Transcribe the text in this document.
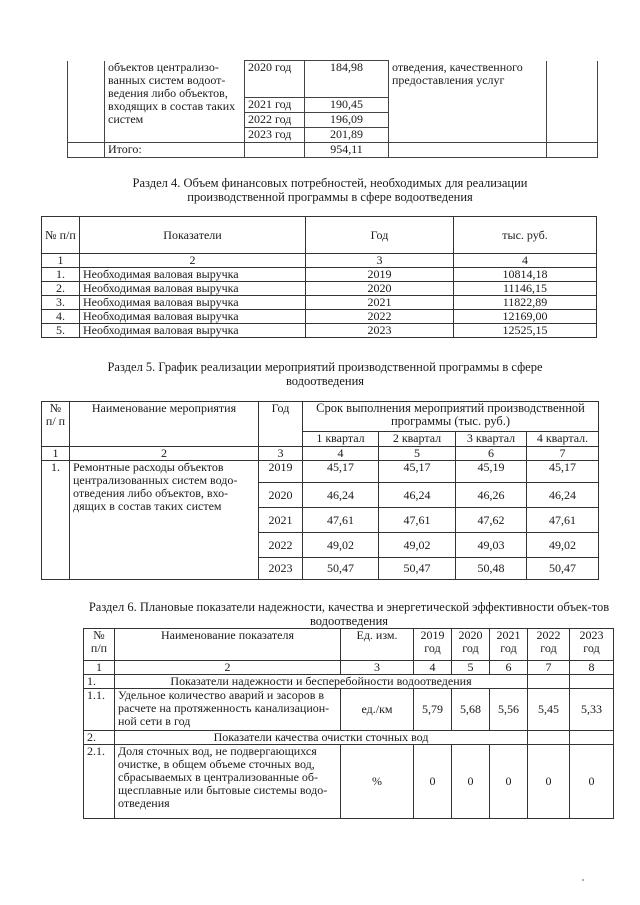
	объектов централизо-ванных систем водоот-ведения либо объектов, входящих в состав таких систем	2020 год	184,98	отведения, качественного предоставления услуг	
		2021 год	190,45		
		2022 год	196,09		
		2023 год	201,89		
	Итого:		954,11		
Раздел 4. Объем финансовых потребностей, необходимых для реализации производственной программы в сфере водоотведения
№ п/п	Показатели	Год	тыс. руб.
1	2	3	4
1.	Необходимая валовая выручка	2019	10814,18
2.	Необходимая валовая выручка	2020	11146,15
3.	Необходимая валовая выручка	2021	11822,89
4.	Необходимая валовая выручка	2022	12169,00
5.	Необходимая валовая выручка	2023	12525,15
Раздел 5. График реализации мероприятий производственной программы в сфере водоотведения
№ п/ п	Наименование мероприятия	Год	Срок выполнения мероприятий производственной программы (тыс. руб.)			
			1 квартал	2 квартал	3 квартал	4 квартал.
1	2	3	4	5	6	7
1.	Ремонтные расходы объектов централизованных систем водо-отведения либо объектов, вхо-дящих в состав таких систем	2019	45,17	45,17	45,19	45,17
		2020	46,24	46,24	46,26	46,24
		2021	47,61	47,61	47,62	47,61
		2022	49,02	49,02	49,03	49,02
		2023	50,47	50,47	50,48	50,47
Раздел 6. Плановые показатели надежности, качества и энергетической эффективности объек-тов водоотведения
№ п/п	Наименование показателя	Ед. изм.	2019 год	2020 год	2021 год	2022 год	2023 год
1	2	3	4	5	6	7	8
1.	Показатели надежности и бесперебойности водоотведения						
1.1.	Удельное количество аварий и засоров в расчете на протяженность канализацион-ной сети в год	ед./км	5,79	5,68	5,56	5,45	5,33
2.	Показатели качества очистки сточных вод						
2.1.	Доля сточных вод, не подвергающихся очистке, в общем объеме сточных вод, сбрасываемых в централизованные об-щесплавные или бытовые системы водо-отведения	%	0	0	0	0	0
